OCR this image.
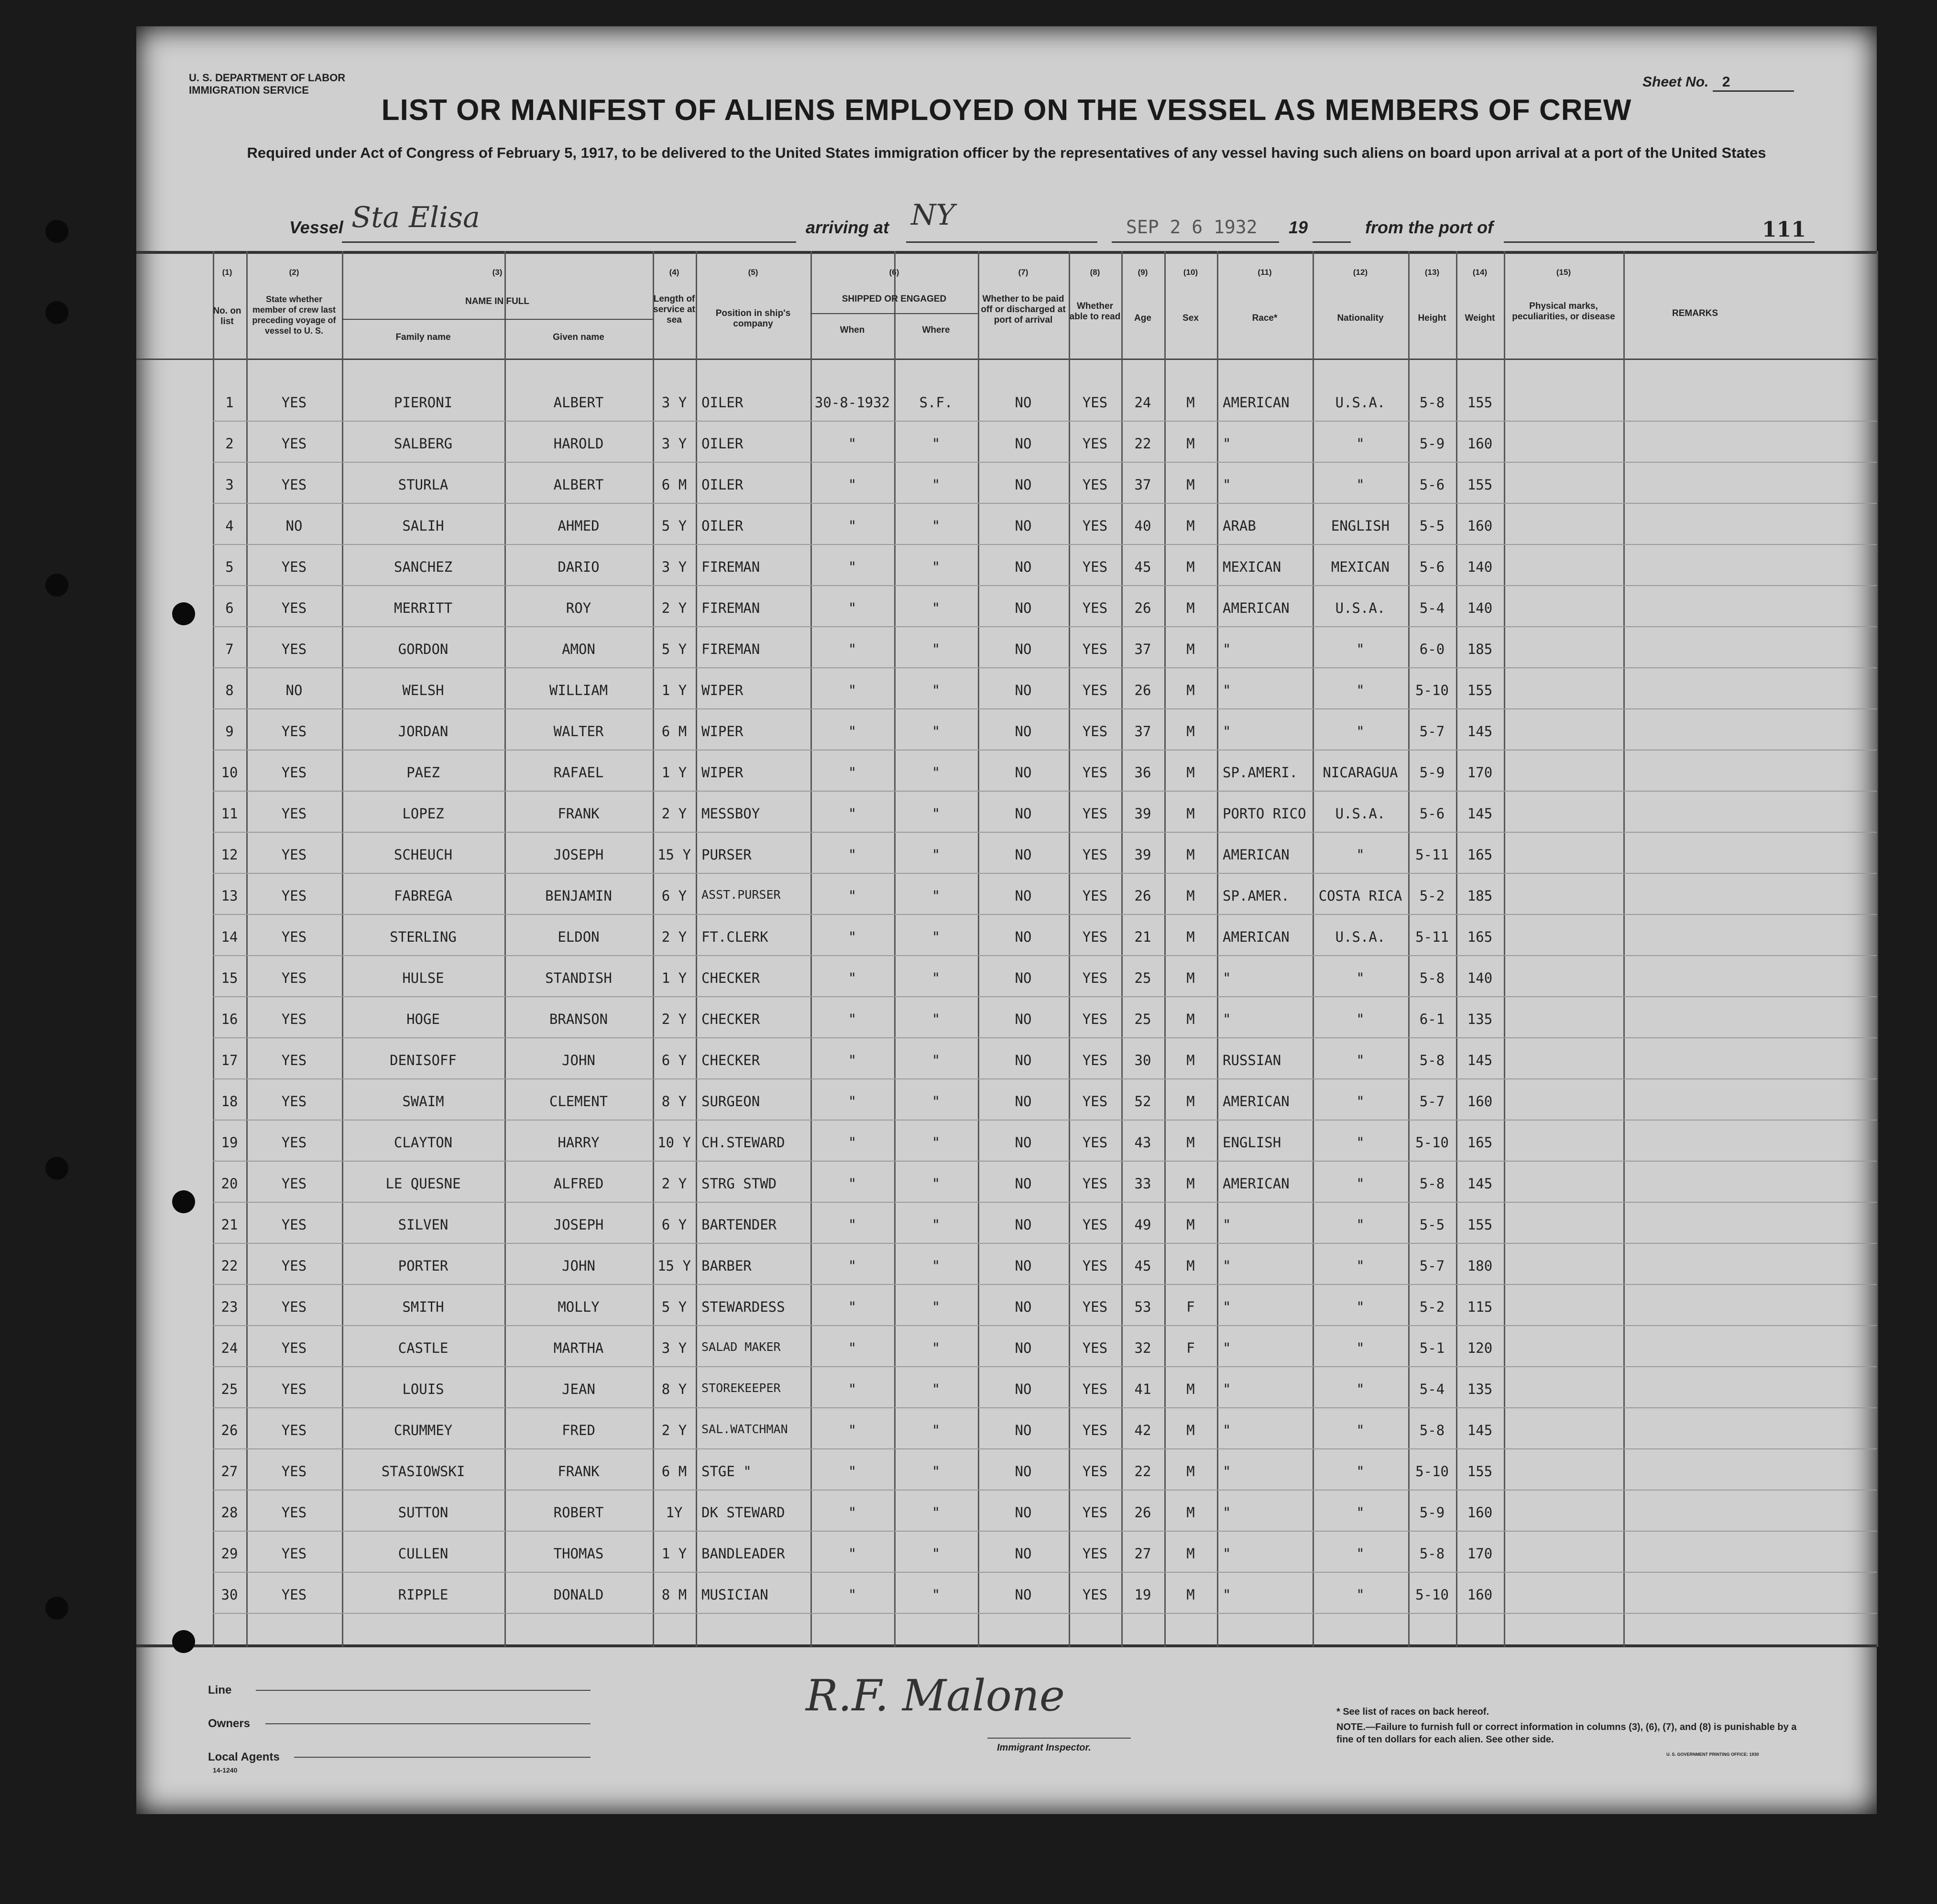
U. S. DEPARTMENT OF LABOR
IMMIGRATION SERVICE
Sheet No. 2
LIST OR MANIFEST OF ALIENS EMPLOYED ON THE VESSEL AS MEMBERS OF CREW
Required under Act of Congress of February 5, 1917, to be delivered to the United States immigration officer by the representatives of any vessel having such aliens on board upon arrival at a port of the United States
Vessel Sta Elisa	arriving at NY	SEP 2 6 1932 19	from the port of	111
(1)	(2)	(3)	(4)	(5)	(6)	(7)	(8)	(9)	(10)	(11)	(12)	(13)	(14)	(15)
No. on list
State whether member of crew last preceding voyage of vessel to U. S.
NAME IN FULL
Family name	Given name
Length of service at sea
Position in ship's company
SHIPPED OR ENGAGED
When	Where
Whether to be paid off or discharged at port of arrival
Whether able to read	Age	Sex	Race*	Nationality	Height	Weight
Physical marks, peculiarities, or disease	REMARKS
1	YES	PIERONI	ALBERT	3 Y	OILER	30-8-1932	S.F.	NO	YES	24	M	AMERICAN	U.S.A.	5-8	155
2	YES	SALBERG	HAROLD	3 Y	OILER	"	"	NO	YES	22	M	"	"	5-9	160
3	YES	STURLA	ALBERT	6 M	OILER	"	"	NO	YES	37	M	"	"	5-6	155
4	NO	SALIH	AHMED	5 Y	OILER	"	"	NO	YES	40	M	ARAB	ENGLISH	5-5	160
5	YES	SANCHEZ	DARIO	3 Y	FIREMAN	"	"	NO	YES	45	M	MEXICAN	MEXICAN	5-6	140
6	YES	MERRITT	ROY	2 Y	FIREMAN	"	"	NO	YES	26	M	AMERICAN	U.S.A.	5-4	140
7	YES	GORDON	AMON	5 Y	FIREMAN	"	"	NO	YES	37	M	"	"	6-0	185
8	NO	WELSH	WILLIAM	1 Y	WIPER	"	"	NO	YES	26	M	"	"	5-10	155
9	YES	JORDAN	WALTER	6 M	WIPER	"	"	NO	YES	37	M	"	"	5-7	145
10	YES	PAEZ	RAFAEL	1 Y	WIPER	"	"	NO	YES	36	M	SP.AMERI.	NICARAGUA	5-9	170
11	YES	LOPEZ	FRANK	2 Y	MESSBOY	"	"	NO	YES	39	M	PORTO RICO	U.S.A.	5-6	145
12	YES	SCHEUCH	JOSEPH	15 Y PURSER	"	"	NO	YES	39	M	AMERICAN	"	5-11	165
13	YES	FABREGA	BENJAMIN	6 Y	ASST.PURSER	"	"	NO	YES	26	M	SP.AMER.	COSTA RICA	5-2	185
14	YES	STERLING	ELDON	2 Y	FT.CLERK	"	"	NO	YES	21	M	AMERICAN	U.S.A.	5-11	165
15	YES	HULSE	STANDISH	1 Y	CHECKER	"	"	NO	YES	25	M	"	"	5-8	140
16	YES	HOGE	BRANSON	2 Y	CHECKER	"	"	NO	YES	25	M	"	"	6-1	135
17	YES	DENISOFF	JOHN	6 Y	CHECKER	"	"	NO	YES	30	M	RUSSIAN	"	5-8	145
18	YES	SWAIM	CLEMENT	8 Y	SURGEON	"	"	NO	YES	52	M	AMERICAN	"	5-7	160
19	YES	CLAYTON	HARRY	10 Y CH.STEWARD	"	"	NO	YES	43	M	ENGLISH	"	5-10	165
20	YES	LE QUESNE	ALFRED	2 Y	STRG STWD	"	"	NO	YES	33	M	AMERICAN	"	5-8	145
21	YES	SILVEN	JOSEPH	6 Y	BARTENDER	"	"	NO	YES	49	M	"	"	5-5	155
22	YES	PORTER	JOHN	15 Y BARBER	"	"	NO	YES	45	M	"	"	5-7	180
23	YES	SMITH	MOLLY	5 Y	STEWARDESS	"	"	NO	YES	53	F	"	"	5-2	115
24	YES	CASTLE	MARTHA	3 Y	SALAD MAKER	"	"	NO	YES	32	F	"	"	5-1	120
25	YES	LOUIS	JEAN	8 Y	STOREKEEPER	"	"	NO	YES	41	M	"	"	5-4	135
26	YES	CRUMMEY	FRED	2 Y	SAL.WATCHMAN	"	"	NO	YES	42	M	"	"	5-8	145
27	YES	STASIOWSKI	FRANK	6 M	STGE "	"	"	NO	YES	22	M	"	"	5-10	155
28	YES	SUTTON	ROBERT	1Y	DK STEWARD	"	"	NO	YES	26	M	"	"	5-9	160
29	YES	CULLEN	THOMAS	1 Y	BANDLEADER	"	"	NO	YES	27	M	"	"	5-8	170
30	YES	RIPPLE	DONALD	8 M	MUSICIAN	"	"	NO	YES	19	M	"	"	5-10	160
Line
Owners
Local Agents
14-1240
R.F. Malone
Immigrant Inspector.
* See list of races on back hereof.
NOTE.—Failure to furnish full or correct information in columns (3), (6), (7), and (8) is punishable by a fine of ten dollars for each alien. See other side.
U. S. GOVERNMENT PRINTING OFFICE: 1930
